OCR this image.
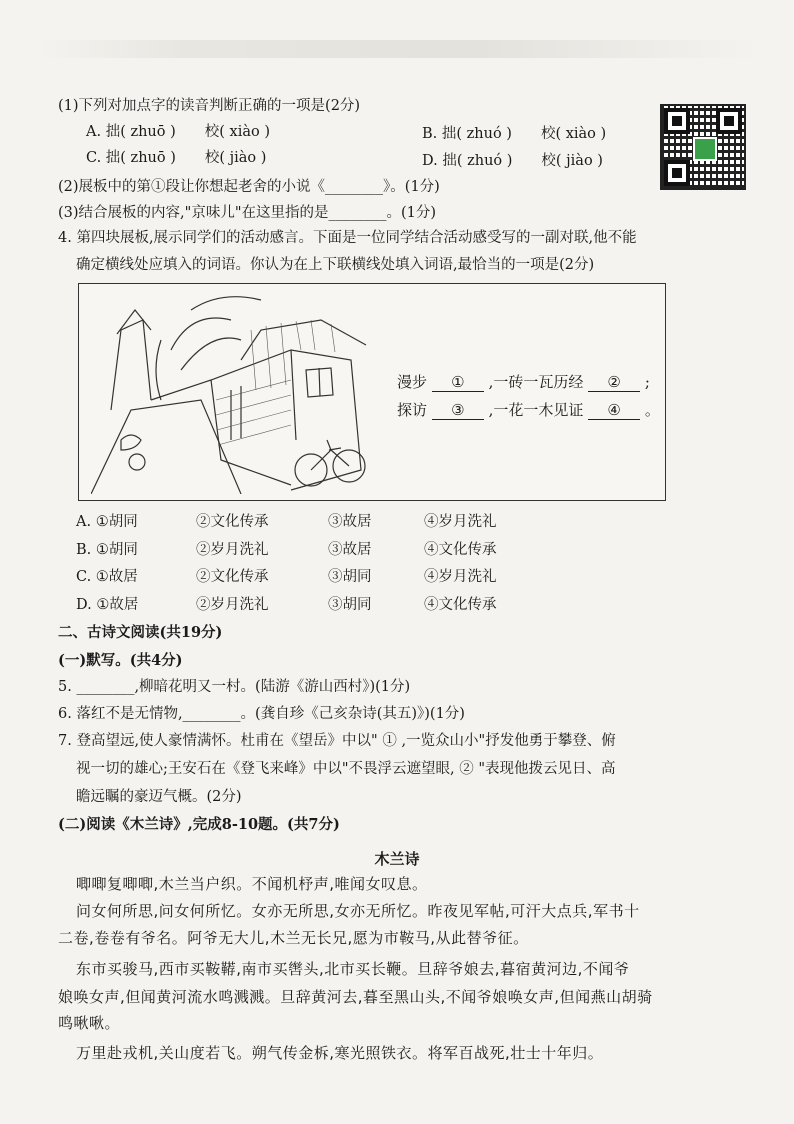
(1)下列对加点字的读音判断正确的一项是(2分)
A. 拙( zhuō )　　校( xiào )	B. 拙( zhuó )　　校( xiào )
C. 拙( zhuō )　　校( jiào )	D. 拙( zhuó )　　校( jiào )
(2)展板中的第①段让你想起老舍的小说《________》。(1分)
(3)结合展板的内容,"京味儿"在这里指的是________。(1分)
4. 第四块展板,展示同学们的活动感言。下面是一位同学结合活动感受写的一副对联,他不能
确定横线处应填入的词语。你认为在上下联横线处填入词语,最恰当的一项是(2分)
漫步 ① ,一砖一瓦历经 ② ;
探访 ③ ,一花一木见证 ④ 。
A. ①胡同	②文化传承	③故居	④岁月洗礼
B. ①胡同	②岁月洗礼	③故居	④文化传承
C. ①故居	②文化传承	③胡同	④岁月洗礼
D. ①故居	②岁月洗礼	③胡同	④文化传承
二、古诗文阅读(共19分)
(一)默写。(共4分)
5. ________,柳暗花明又一村。(陆游《游山西村》)(1分)
6. 落红不是无情物,________。(龚自珍《己亥杂诗(其五)》)(1分)
7. 登高望远,使人豪情满怀。杜甫在《望岳》中以" ① ,一览众山小"抒发他勇于攀登、俯
视一切的雄心;王安石在《登飞来峰》中以"不畏浮云遮望眼, ② "表现他拨云见日、高
瞻远瞩的豪迈气概。(2分)
(二)阅读《木兰诗》,完成8-10题。(共7分)
木兰诗
唧唧复唧唧,木兰当户织。不闻机杼声,唯闻女叹息。
问女何所思,问女何所忆。女亦无所思,女亦无所忆。昨夜见军帖,可汗大点兵,军书十
二卷,卷卷有爷名。阿爷无大儿,木兰无长兄,愿为市鞍马,从此替爷征。
东市买骏马,西市买鞍鞯,南市买辔头,北市买长鞭。旦辞爷娘去,暮宿黄河边,不闻爷
娘唤女声,但闻黄河流水鸣溅溅。旦辞黄河去,暮至黑山头,不闻爷娘唤女声,但闻燕山胡骑
鸣啾啾。
万里赴戎机,关山度若飞。朔气传金柝,寒光照铁衣。将军百战死,壮士十年归。
